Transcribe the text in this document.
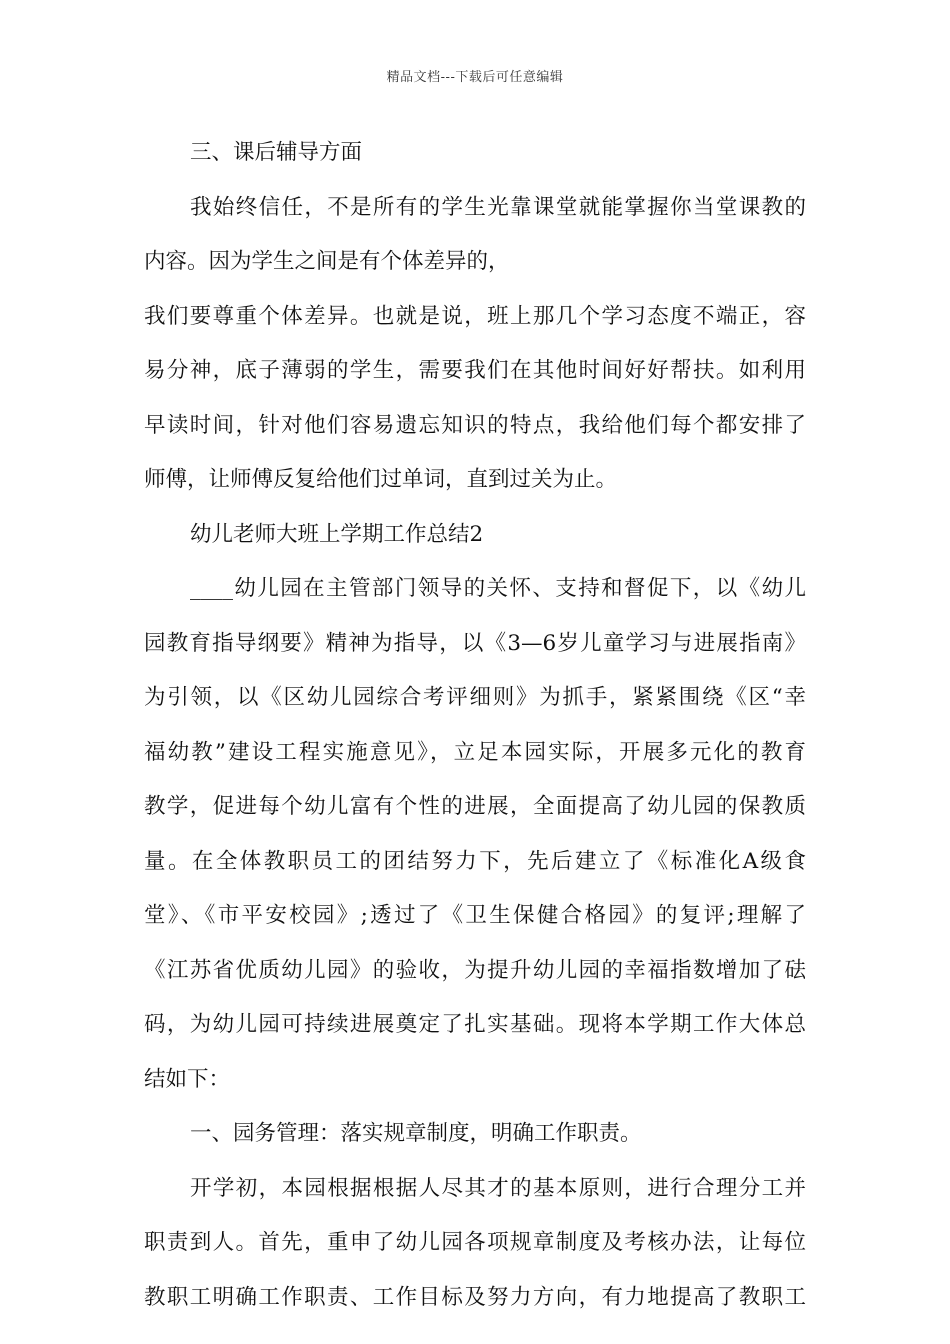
精品文档---下载后可任意编辑
三、课后辅导方面
我始终信任，不是所有的学生光靠课堂就能掌握你当堂课教的
内容。因为学生之间是有个体差异的，
我们要尊重个体差异。也就是说，班上那几个学习态度不端正，容
易分神，底子薄弱的学生，需要我们在其他时间好好帮扶。如利用
早读时间，针对他们容易遗忘知识的特点，我给他们每个都安排了
师傅，让师傅反复给他们过单词，直到过关为止。
幼儿老师大班上学期工作总结2
____幼儿园在主管部门领导的关怀、支持和督促下，以《幼儿
园教育指导纲要》精神为指导，以《3—6岁儿童学习与进展指南》
为引领，以《区幼儿园综合考评细则》为抓手，紧紧围绕《区“幸
福幼教”建设工程实施意见》，立足本园实际，开展多元化的教育
教学，促进每个幼儿富有个性的进展，全面提高了幼儿园的保教质
量。在全体教职员工的团结努力下，先后建立了《标准化A级食
堂》、《市平安校园》;透过了《卫生保健合格园》的复评;理解了
《江苏省优质幼儿园》的验收，为提升幼儿园的幸福指数增加了砝
码，为幼儿园可持续进展奠定了扎实基础。现将本学期工作大体总
结如下：
一、园务管理：落实规章制度，明确工作职责。
开学初，本园根据根据人尽其才的基本原则，进行合理分工并
职责到人。首先，重申了幼儿园各项规章制度及考核办法，让每位
教职工明确工作职责、工作目标及努力方向，有力地提高了教职工
